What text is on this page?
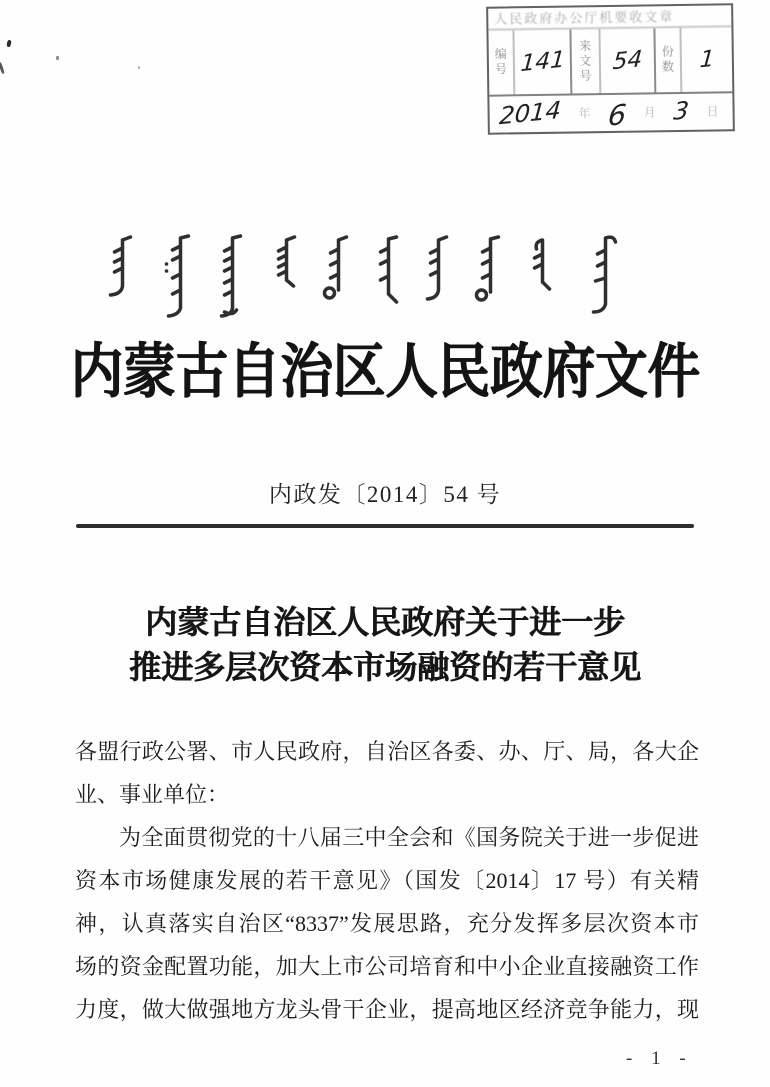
人民政府办公厅机要收文章
编号 141	来文号 54	份数	1
2014 年 6 月 3 日
内蒙古自治区人民政府文件
内政发〔2014〕54 号
内蒙古自治区人民政府关于进一步
推进多层次资本市场融资的若干意见
各盟行政公署、市人民政府，自治区各委、办、厅、局，各大企
业、事业单位：
为全面贯彻党的十八届三中全会和《国务院关于进一步促进
资本市场健康发展的若干意见》（国发〔2014〕17 号）有关精
神，认真落实自治区“8337”发展思路，充分发挥多层次资本市
场的资金配置功能，加大上市公司培育和中小企业直接融资工作
力度，做大做强地方龙头骨干企业，提高地区经济竞争能力，现
- 1 -
